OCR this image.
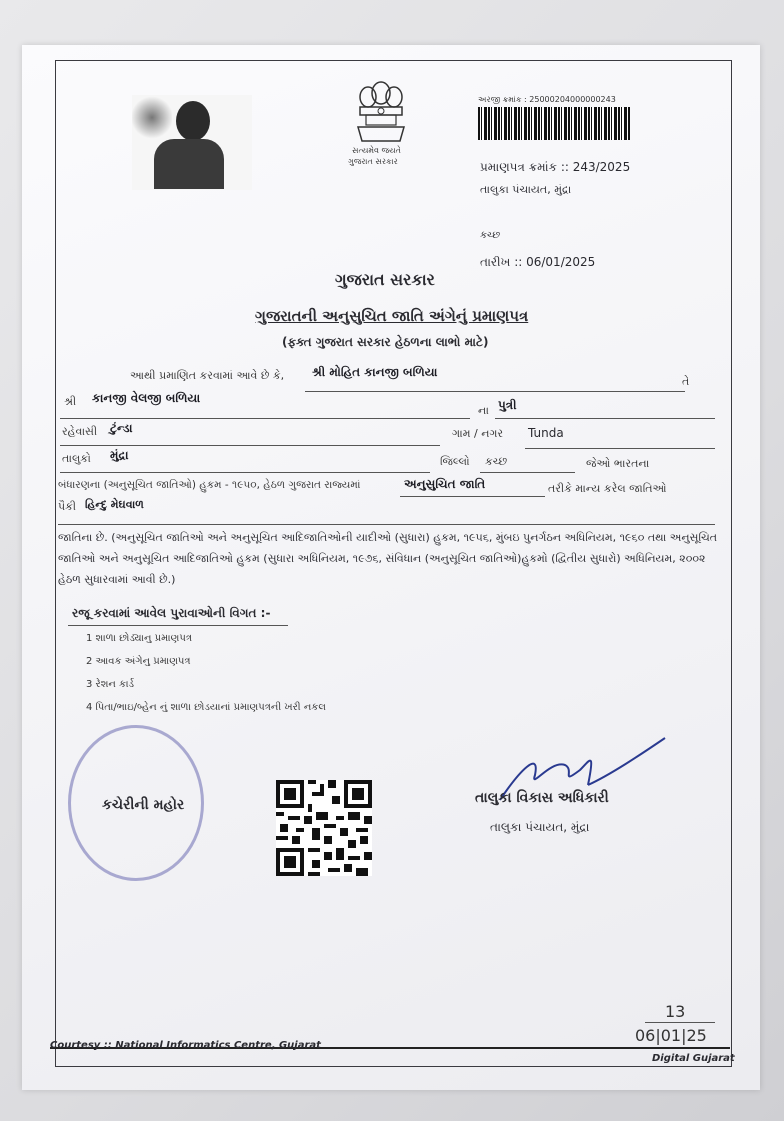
સત્યમેવ જયતે
ગુજરાત સરકાર
અરજી ક્રમાંક : 25000204000000243
પ્રમાણપત્ર ક્રમાંક :: 243/2025
તાલુકા પંચાયત, મુંદ્રા
કચ્છ
તારીખ :: 06/01/2025
ગુજરાત સરકાર
ગુજરાતની અનુસુચિત જાતિ અંગેનું પ્રમાણપત્ર
(ફક્ત ગુજરાત સરકાર હેઠળના લાભો માટે)
આથી પ્રમાણિત કરવામાં આવે છે કે, શ્રી મોહિત કાનજી બળિયા
તે
શ્રી કાનજી વેલજી બળિયા
ના પુત્રી
રહેવાસી ટુંન્ડા	ગામ / નગર Tunda
તાલુકો મુંદ્રા	જિલ્લો કચ્છ	જેઓ ભારતના
બંધારણના (અનુસૂચિત જાતિઓ) હુકમ - ૧૯૫૦, હેઠળ ગુજરાત રાજ્યમાં	અનુસુચિત જાતિ	તરીકે માન્ય કરેલ જાતિઓ
પૈકી હિન્દુ મેઘવાળ
જાતિના છે. (અનુસૂચિત જાતિઓ અને અનુસૂચિત આદિજાતિઓની યાદીઓ (સુધારા) હુકમ, ૧૯૫૬, મુંબઇ પુનર્ગઠન અધિનિયમ, ૧૯૬૦ તથા અનુસૂચિત જાતિઓ અને અનુસૂચિત આદિજાતિઓ હુકમ (સુધારા અધિનિયમ, ૧૯૭૬, સંવિધાન (અનુસૂચિત જાતિઓ)હુકમો (દ્વિતીય સુધારો) અધિનિયમ, ૨૦૦૨ હેઠળ સુધારવામાં આવી છે.)
રજૂ કરવામાં આવેલ પુરાવાઓની વિગત :-
1 શાળા છોડ્યાનુ પ્રમાણપત્ર
2 આવક અંગેનુ પ્રમાણપત્ર
3 રેશન કાર્ડ
4 પિતા/ભાઇ/બ્હેન નું શાળા છોડયાનાં પ્રમાણપત્રની ખરી નકલ
કચેરીની મહોર	તાલુકા વિકાસ અધિકારી
તાલુકા પંચાયત, મુંદ્રા
13
06|01|25
Courtesy :: National Informatics Centre, Gujarat
Digital Gujarat
